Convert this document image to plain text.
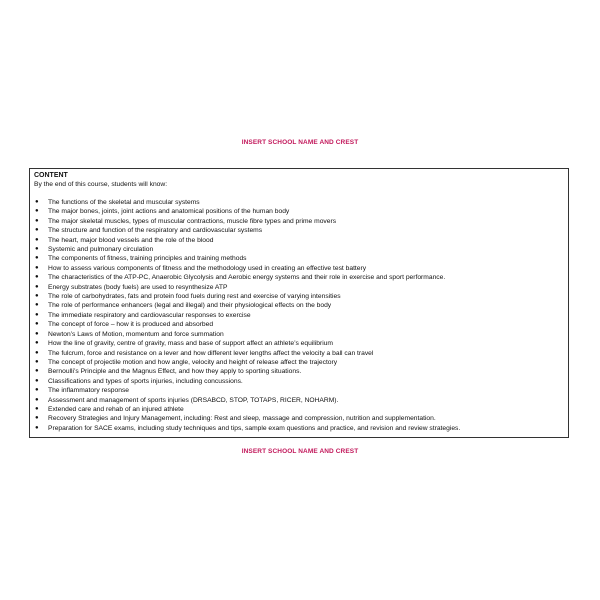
INSERT SCHOOL NAME AND CREST
CONTENT
By the end of this course, students will know:
● The functions of the skeletal and muscular systems
● The major bones, joints, joint actions and anatomical positions of the human body
● The major skeletal muscles, types of muscular contractions, muscle fibre types and prime movers
● The structure and function of the respiratory and cardiovascular systems
● The heart, major blood vessels and the role of the blood
● Systemic and pulmonary circulation
● The components of fitness, training principles and training methods
● How to assess various components of fitness and the methodology used in creating an effective test battery
● The characteristics of the ATP-PC, Anaerobic Glycolysis and Aerobic energy systems and their role in exercise and sport performance.
● Energy substrates (body fuels) are used to resynthesize ATP
● The role of carbohydrates, fats and protein food fuels during rest and exercise of varying intensities
● The role of performance enhancers (legal and illegal) and their physiological effects on the body
● The immediate respiratory and cardiovascular responses to exercise
● The concept of force – how it is produced and absorbed
● Newton’s Laws of Motion, momentum and force summation
● How the line of gravity, centre of gravity, mass and base of support affect an athlete’s equilibrium
● The fulcrum, force and resistance on a lever and how different lever lengths affect the velocity a ball can travel
● The concept of projectile motion and how angle, velocity and height of release affect the trajectory
● Bernoulli’s Principle and the Magnus Effect, and how they apply to sporting situations.
● Classifications and types of sports injuries, including concussions.
● The inflammatory response
● Assessment and management of sports injuries (DRSABCD, STOP, TOTAPS, RICER, NOHARM).
● Extended care and rehab of an injured athlete
● Recovery Strategies and Injury Management, including: Rest and sleep, massage and compression, nutrition and supplementation.
● Preparation for SACE exams, including study techniques and tips, sample exam questions and practice, and revision and review strategies.
INSERT SCHOOL NAME AND CREST
